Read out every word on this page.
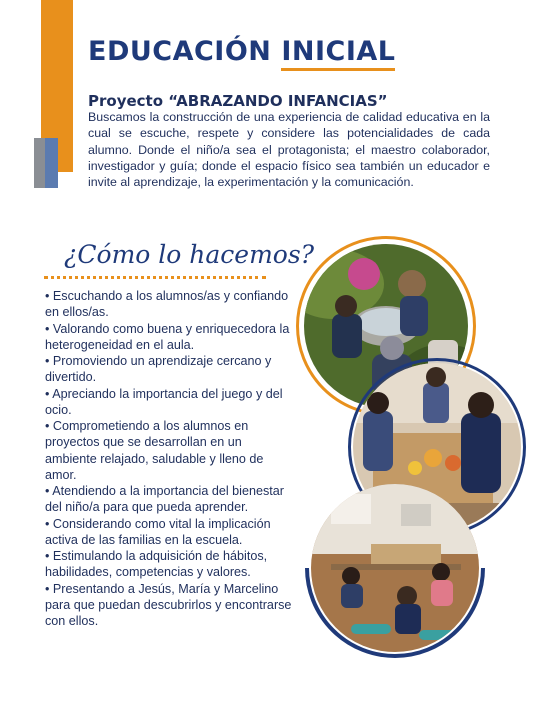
EDUCACIÓN INICIAL
Proyecto “ABRAZANDO INFANCIAS”

Buscamos la construcción de una experiencia de calidad educativa en la cual se escuche, respete y considere las potencialidades de cada alumno. Donde el niño/a sea el protagonista; el maestro colaborador, investigador y guía; donde el espacio físico sea también un educador e invite al aprendizaje, la experimentación y la comunicación.

¿Cómo lo hacemos?
• Escuchando a los alumnos/as y confiando en ellos/as.
• Valorando como buena y enriquecedora la heterogeneidad en el aula.
• Promoviendo un aprendizaje cercano y divertido.
• Apreciando la importancia del juego y del ocio.
• Comprometiendo a los alumnos en proyectos que se desarrollan en un ambiente relajado, saludable y lleno de amor.
• Atendiendo a la importancia del bienestar del niño/a para que pueda aprender.
• Considerando como vital la implicación activa de las familias en la escuela.
• Estimulando la adquisición de hábitos, habilidades, competencias y valores.
• Presentando a Jesús, María y Marcelino para que puedan descubrirlos y encontrarse con ellos.
